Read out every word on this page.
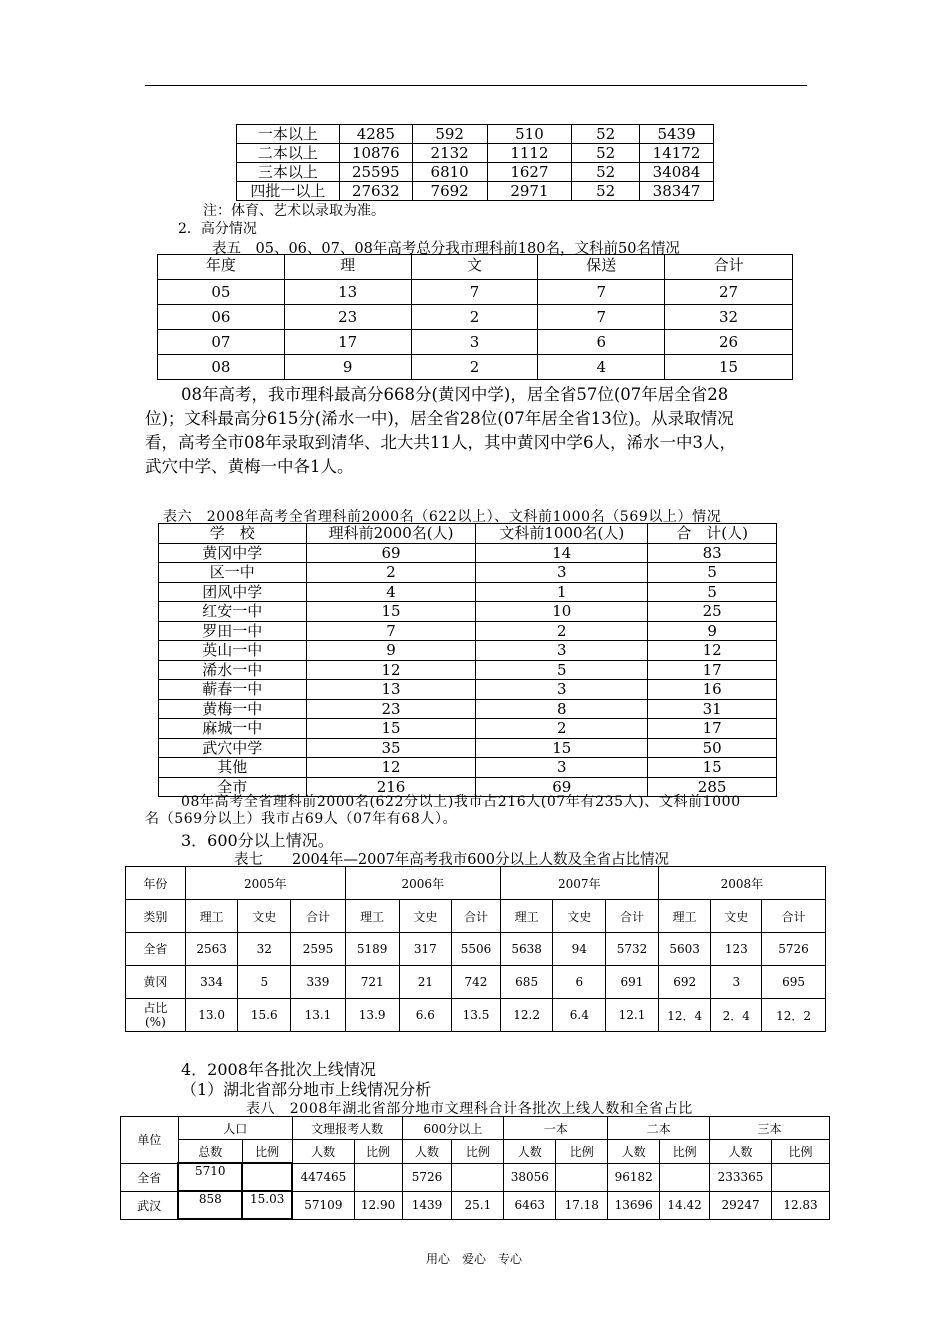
一本以上	4285	592	510	52	5439
二本以上	10876	2132	1112	52	14172
三本以上	25595	6810	1627	52	34084
四批一以上	27632	7692	2971	52	38347
注：体育、艺术以录取为准。
2．高分情况
表五　05、06、07、08年高考总分我市理科前180名，文科前50名情况
年度	理	文	保送	合计
05	13	7	7	27
06	23	2	7	32
07	17	3	6	26
08	9	2	4	15
08年高考，我市理科最高分668分(黄冈中学)，居全省57位(07年居全省28
位)；文科最高分615分(浠水一中)，居全省28位(07年居全省13位)。从录取情况
看，高考全市08年录取到清华、北大共11人，其中黄冈中学6人，浠水一中3人，
武穴中学、黄梅一中各1人。
表六　2008年高考全省理科前2000名（622以上）、文科前1000名（569以上）情况
学　校	理科前2000名(人)	文科前1000名(人)	合　计(人)
黄冈中学	69	14	83
区一中	2	3	5
团风中学	4	1	5
红安一中	15	10	25
罗田一中	7	2	9
英山一中	9	3	12
浠水一中	12	5	17
蕲春一中	13	3	16
黄梅一中	23	8	31
麻城一中	15	2	17
武穴中学	35	15	50
其他	12	3	15
全市	216	69	285
08年高考全省理科前2000名(622分以上)我市占216人(07年有235人)、文科前1000
名（569分以上）我市占69人（07年有68人）。
3．600分以上情况。
表七　　2004年—2007年高考我市600分以上人数及全省占比情况
年份	2005年			2006年			2007年			2008年		
类别	理工	文史	合计	理工	文史	合计	理工	文史	合计	理工	文史	合计
全省	2563	32	2595	5189	317	5506	5638	94	5732	5603	123	5726
黄冈	334	5	339	721	21	742	685	6	691	692	3	695
占比
(%)	13.0	15.6	13.1	13.9	6.6	13.5	12.2	6.4	12.1	12．4	2．4	12．2
4．2008年各批次上线情况
（1）湖北省部分地市上线情况分析
表八　2008年湖北省部分地市文理科合计各批次上线人数和全省占比
单位	人口		文理报考人数		600分以上		一本		二本		三本	
	总数	比例	人数	比例	人数	比例	人数	比例	人数	比例	人数	比例
全省	5710		447465		5726		38056		96182		233365	
武汉	858	15.03	57109	12.90	1439	25.1	6463	17.18	13696	14.42	29247	12.83
用心　爱心　专心
